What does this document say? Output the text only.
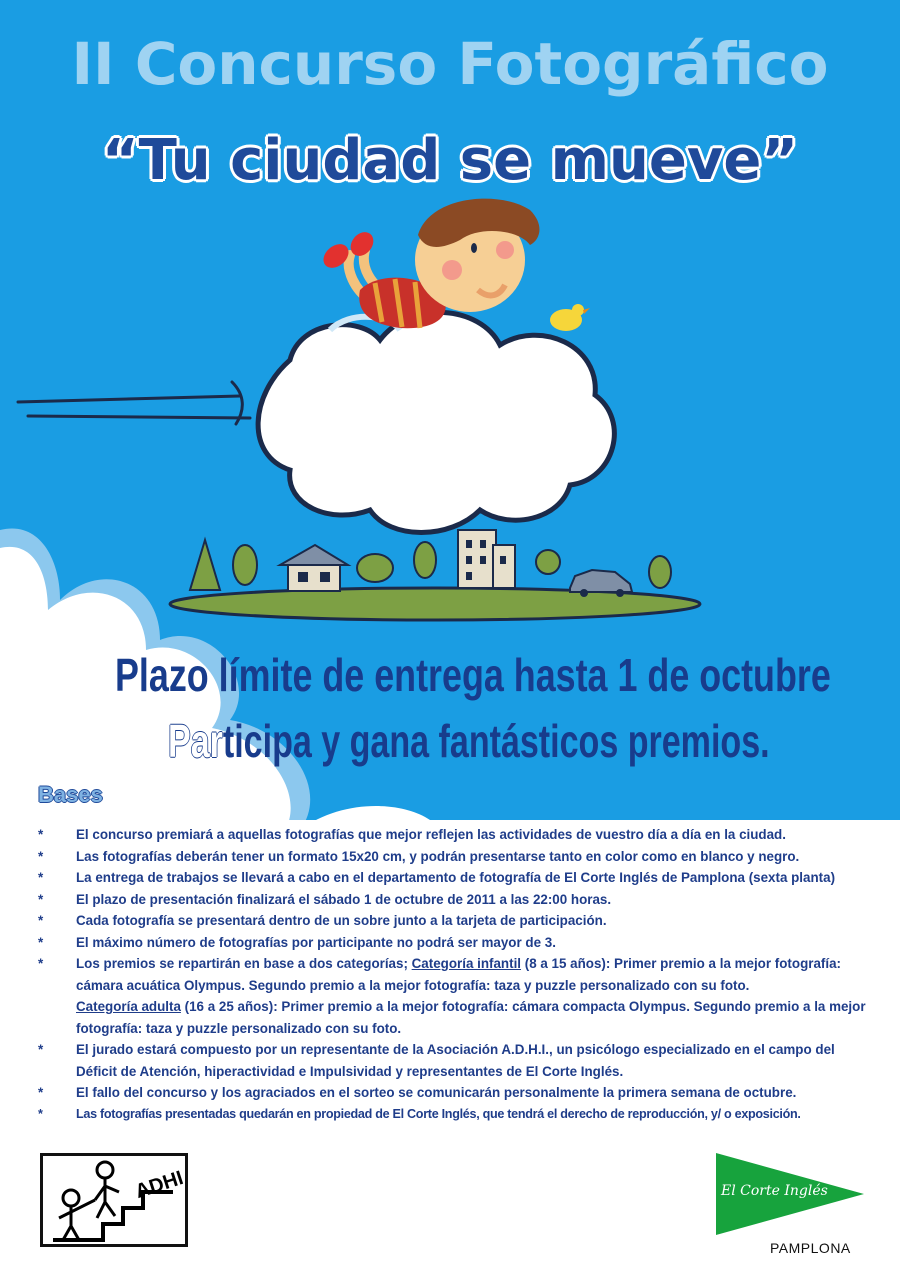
II Concurso Fotográfico
“Tu ciudad se mueve”
Plazo límite de entrega hasta 1 de octubre
Participa y gana fantásticos premios.
Bases
* El concurso premiará a aquellas fotografías que mejor reflejen las actividades de vuestro día a día en la ciudad.
* Las fotografías deberán tener un formato 15x20 cm, y podrán presentarse tanto en color como en blanco y negro.
* La entrega de trabajos se llevará a cabo en el departamento de fotografía de El Corte Inglés de Pamplona (sexta planta)
* El plazo de presentación finalizará el sábado 1 de octubre de 2011 a las 22:00 horas.
* Cada fotografía se presentará dentro de un sobre junto a la tarjeta de participación.
* El máximo número de fotografías por participante no podrá ser mayor de 3.
* Los premios se repartirán en base a dos categorías; Categoría infantil (8 a 15 años): Primer premio a la mejor fotografía: cámara acuática Olympus. Segundo premio a la mejor fotografía: taza y puzzle personalizado con su foto.
Categoría adulta (16 a 25 años): Primer premio a la mejor fotografía: cámara compacta Olympus. Segundo premio a la mejor fotografía: taza y puzzle personalizado con su foto.
* El jurado estará compuesto por un representante de la Asociación A.D.H.I., un psicólogo especializado en el campo del Déficit de Atención, hiperactividad e Impulsividad y representantes de El Corte Inglés.
* El fallo del concurso y los agraciados en el sorteo se comunicarán personalmente la primera semana de octubre.
*	Las fotografías presentadas quedarán en propiedad de El Corte Inglés, que tendrá el derecho de reproducción, y/ o exposición.
ADHI	El Corte Inglés
PAMPLONA
